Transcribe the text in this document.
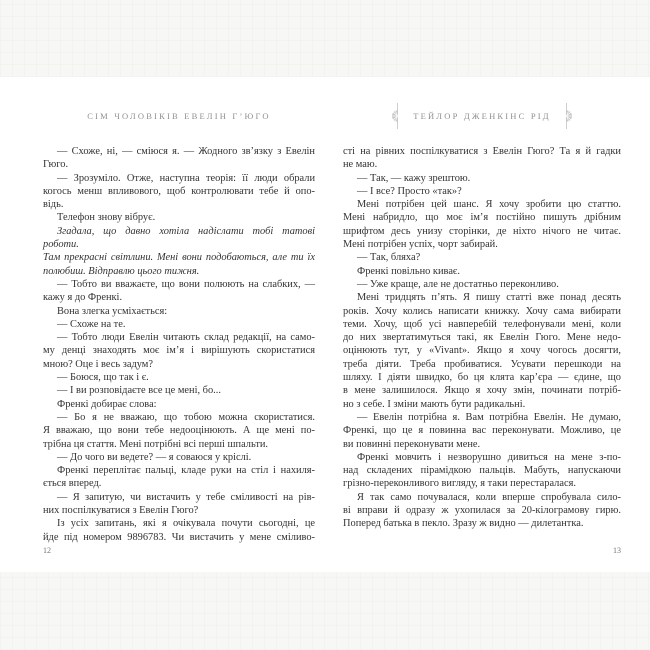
СІМ ЧОЛОВІКІВ ЕВЕЛІН Г’ЮГО
— Схоже, ні, — сміюся я. — Жодного зв’язку з Евелін
Гюго.
— Зрозуміло. Отже, наступна теорія: її люди обрали
когось менш впливового, щоб контролювати тебе й опо-
відь.
Телефон знову вібрує.
Згадала, що давно хотіла надіслати тобі татові роботи.
Там прекрасні світлини. Мені вони подобаються, але ти їх
полюбиш. Відправлю цього тижня.
— Тобто ви вважаєте, що вони полюють на слабких, —
кажу я до Френкі.
Вона злегка усміхається:
— Схоже на те.
— Тобто люди Евелін читають склад редакції, на само-
му денці знаходять моє ім’я і вирішують скористатися
мною? Оце і весь задум?
— Боюся, що так і є.
— І ви розповідаєте все це мені, бо...
Френкі добирає слова:
— Бо я не вважаю, що тобою можна скористатися.
Я вважаю, що вони тебе недооцінюють. А ще мені по-
трібна ця стаття. Мені потрібні всі перші шпальти.
— До чого ви ведете? — я соваюся у кріслі.
Френкі переплітає пальці, кладе руки на стіл і нахиля-
ється вперед.
— Я запитую, чи вистачить у тебе сміливості на рів-
них поспілкуватися з Евелін Гюго?
Із усіх запитань, які я очікувала почути сьогодні, це
йде під номером 9896783. Чи вистачить у мене сміливо-
ТЕЙЛОР ДЖЕНКІНС РІД
сті на рівних поспілкуватися з Евелін Гюго? Та я й гадки
не маю.
— Так, — кажу зрештою.
— І все? Просто «так»?
Мені потрібен цей шанс. Я хочу зробити цю статтю.
Мені набридло, що моє ім’я постійно пишуть дрібним
шрифтом десь унизу сторінки, де ніхто нічого не читає.
Мені потрібен успіх, чорт забирай.
— Так, бляха?
Френкі повільно киває.
— Уже краще, але не достатньо переконливо.
Мені тридцять п’ять. Я пишу статті вже понад десять
років. Хочу колись написати книжку. Хочу сама вибирати
теми. Хочу, щоб усі навперебій телефонували мені, коли
до них звертатимуться такі, як Евелін Гюго. Мене недо-
оцінюють тут, у «Vivant». Якщо я хочу чогось досягти,
треба діяти. Треба пробиватися. Усувати перешкоди на
шляху. І діяти швидко, бо ця клята кар’єра — єдине, що
в мене залишилося. Якщо я хочу змін, починати потріб-
но з себе. І зміни мають бути радикальні.
— Евелін потрібна я. Вам потрібна Евелін. Не думаю,
Френкі, що це я повинна вас переконувати. Можливо, це
ви повинні переконувати мене.
Френкі мовчить і незворушно дивиться на мене з-по-
над складених пірамідкою пальців. Мабуть, напускаючи
грізно-переконливого вигляду, я таки перестаралася.
Я так само почувалася, коли вперше спробувала сило-
ві вправи й одразу ж ухопилася за 20-кілограмову гирю.
Поперед батька в пекло. Зразу ж видно — дилетантка.
12	13
